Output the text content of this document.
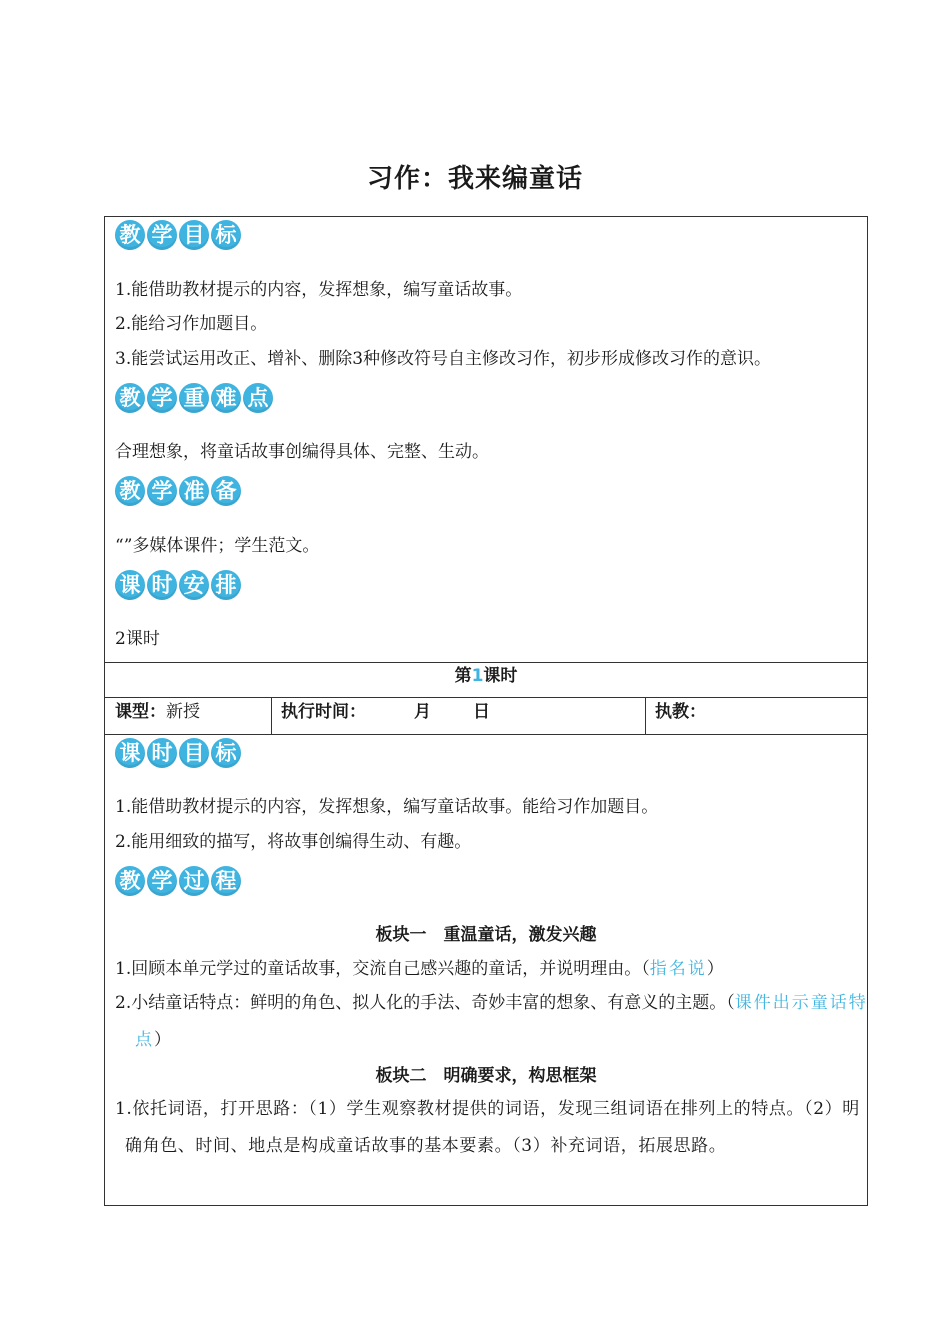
习作：我来编童话
教 学 目 标
1.能借助教材提示的内容，发挥想象，编写童话故事。
2.能给习作加题目。
3.能尝试运用改正、增补、删除3种修改符号自主修改习作，初步形成修改习作的意识。
教 学 重 难 点
合理想象，将童话故事创编得具体、完整、生动。
教 学 准 备
“”多媒体课件；学生范文。
课 时 安 排
2课时
第1课时
课型：新授	执行时间：	月 日	执教：
课 时 目 标
1.能借助教材提示的内容，发挥想象，编写童话故事。能给习作加题目。
2.能用细致的描写，将故事创编得生动、有趣。
教 学 过 程
板块一　重温童话，激发兴趣
1.回顾本单元学过的童话故事，交流自己感兴趣的童话，并说明理由。（指名说）
2.小结童话特点：鲜明的角色、拟人化的手法、奇妙丰富的想象、有意义的主题。（课件出示童话特点）
板块二　明确要求，构思框架
1.依托词语，打开思路：（1）学生观察教材提供的词语，发现三组词语在排列上的特点。（2）明确角色、时间、地点是构成童话故事的基本要素。（3）补充词语，拓展思路。
